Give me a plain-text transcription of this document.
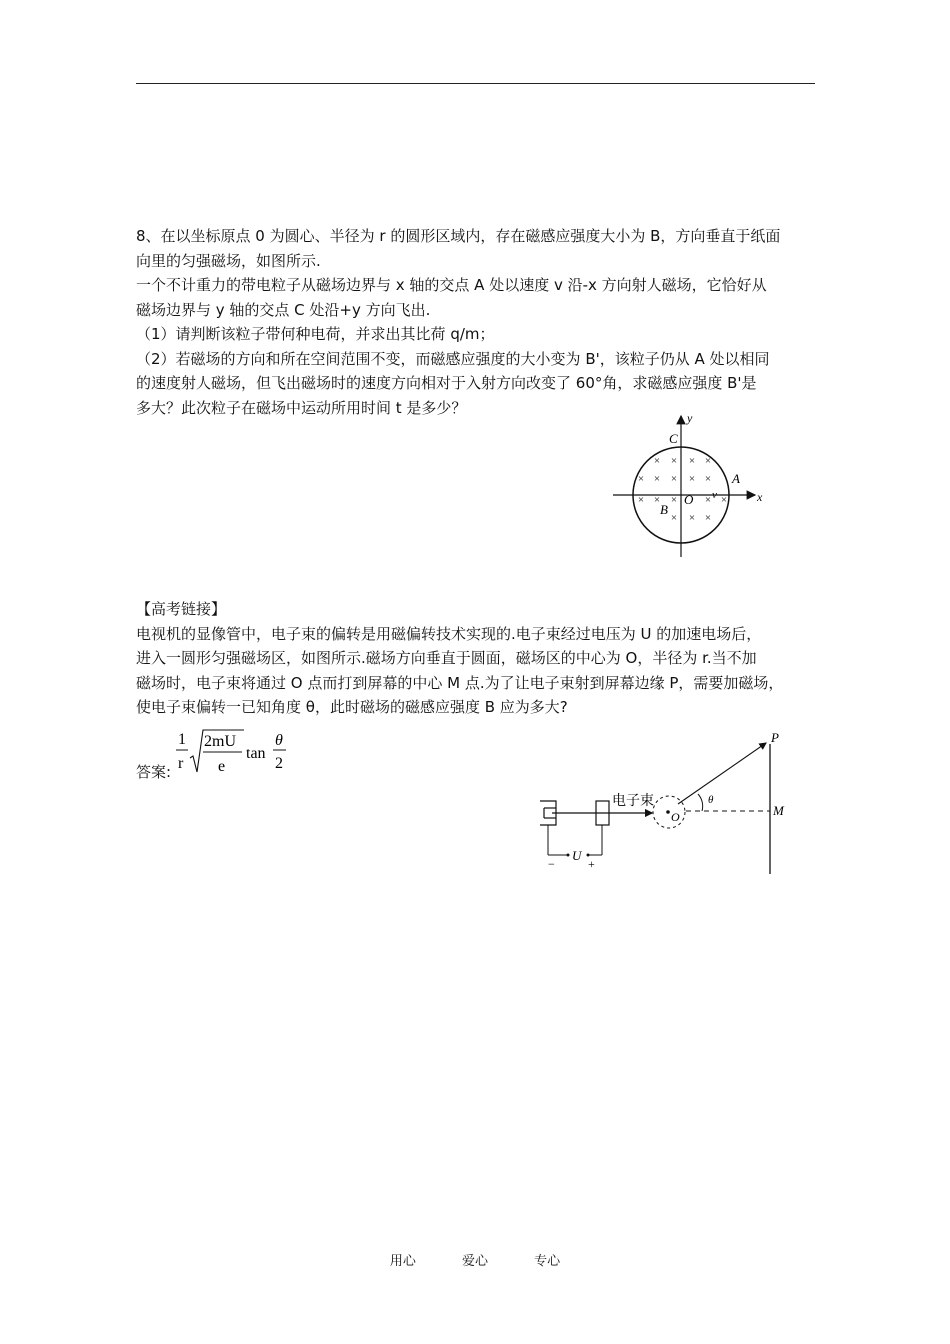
8、在以坐标原点 0 为圆心、半径为 r 的圆形区域内，存在磁感应强度大小为 B，方向垂直于纸面
向里的匀强磁场，如图所示.
一个不计重力的带电粒子从磁场边界与 x 轴的交点 A 处以速度 v 沿-x 方向射人磁场，它恰好从
磁场边界与 y 轴的交点 C 处沿+y 方向飞出.
（1）请判断该粒子带何种电荷，并求出其比荷 q/m；
（2）若磁场的方向和所在空间范围不变，而磁感应强度的大小变为 B'，该粒子仍从 A 处以相同
的速度射人磁场，但飞出磁场时的速度方向相对于入射方向改变了 60°角，求磁感应强度 B'是
多大？此次粒子在磁场中运动所用时间 t 是多少？
× × × ×
× × × × ×
× × ×	× ×
× × ×
y
x
C
A
O
B
v
【高考链接】
电视机的显像管中，电子束的偏转是用磁偏转技术实现的.电子束经过电压为 U 的加速电场后，
进入一圆形匀强磁场区，如图所示.磁场方向垂直于圆面，磁场区的中心为 O，半径为 r.当不加
磁场时，电子束将通过 O 点而打到屏幕的中心 M 点.为了让电子束射到屏幕边缘 P，需要加磁场，
使电子束偏转一已知角度 θ，此时磁场的磁感应强度 B 应为多大?
答案:
1
r
2mU
e
tan
θ
2
U
−	+
电子束
O
θ
P
M
用心	爱心	专心
